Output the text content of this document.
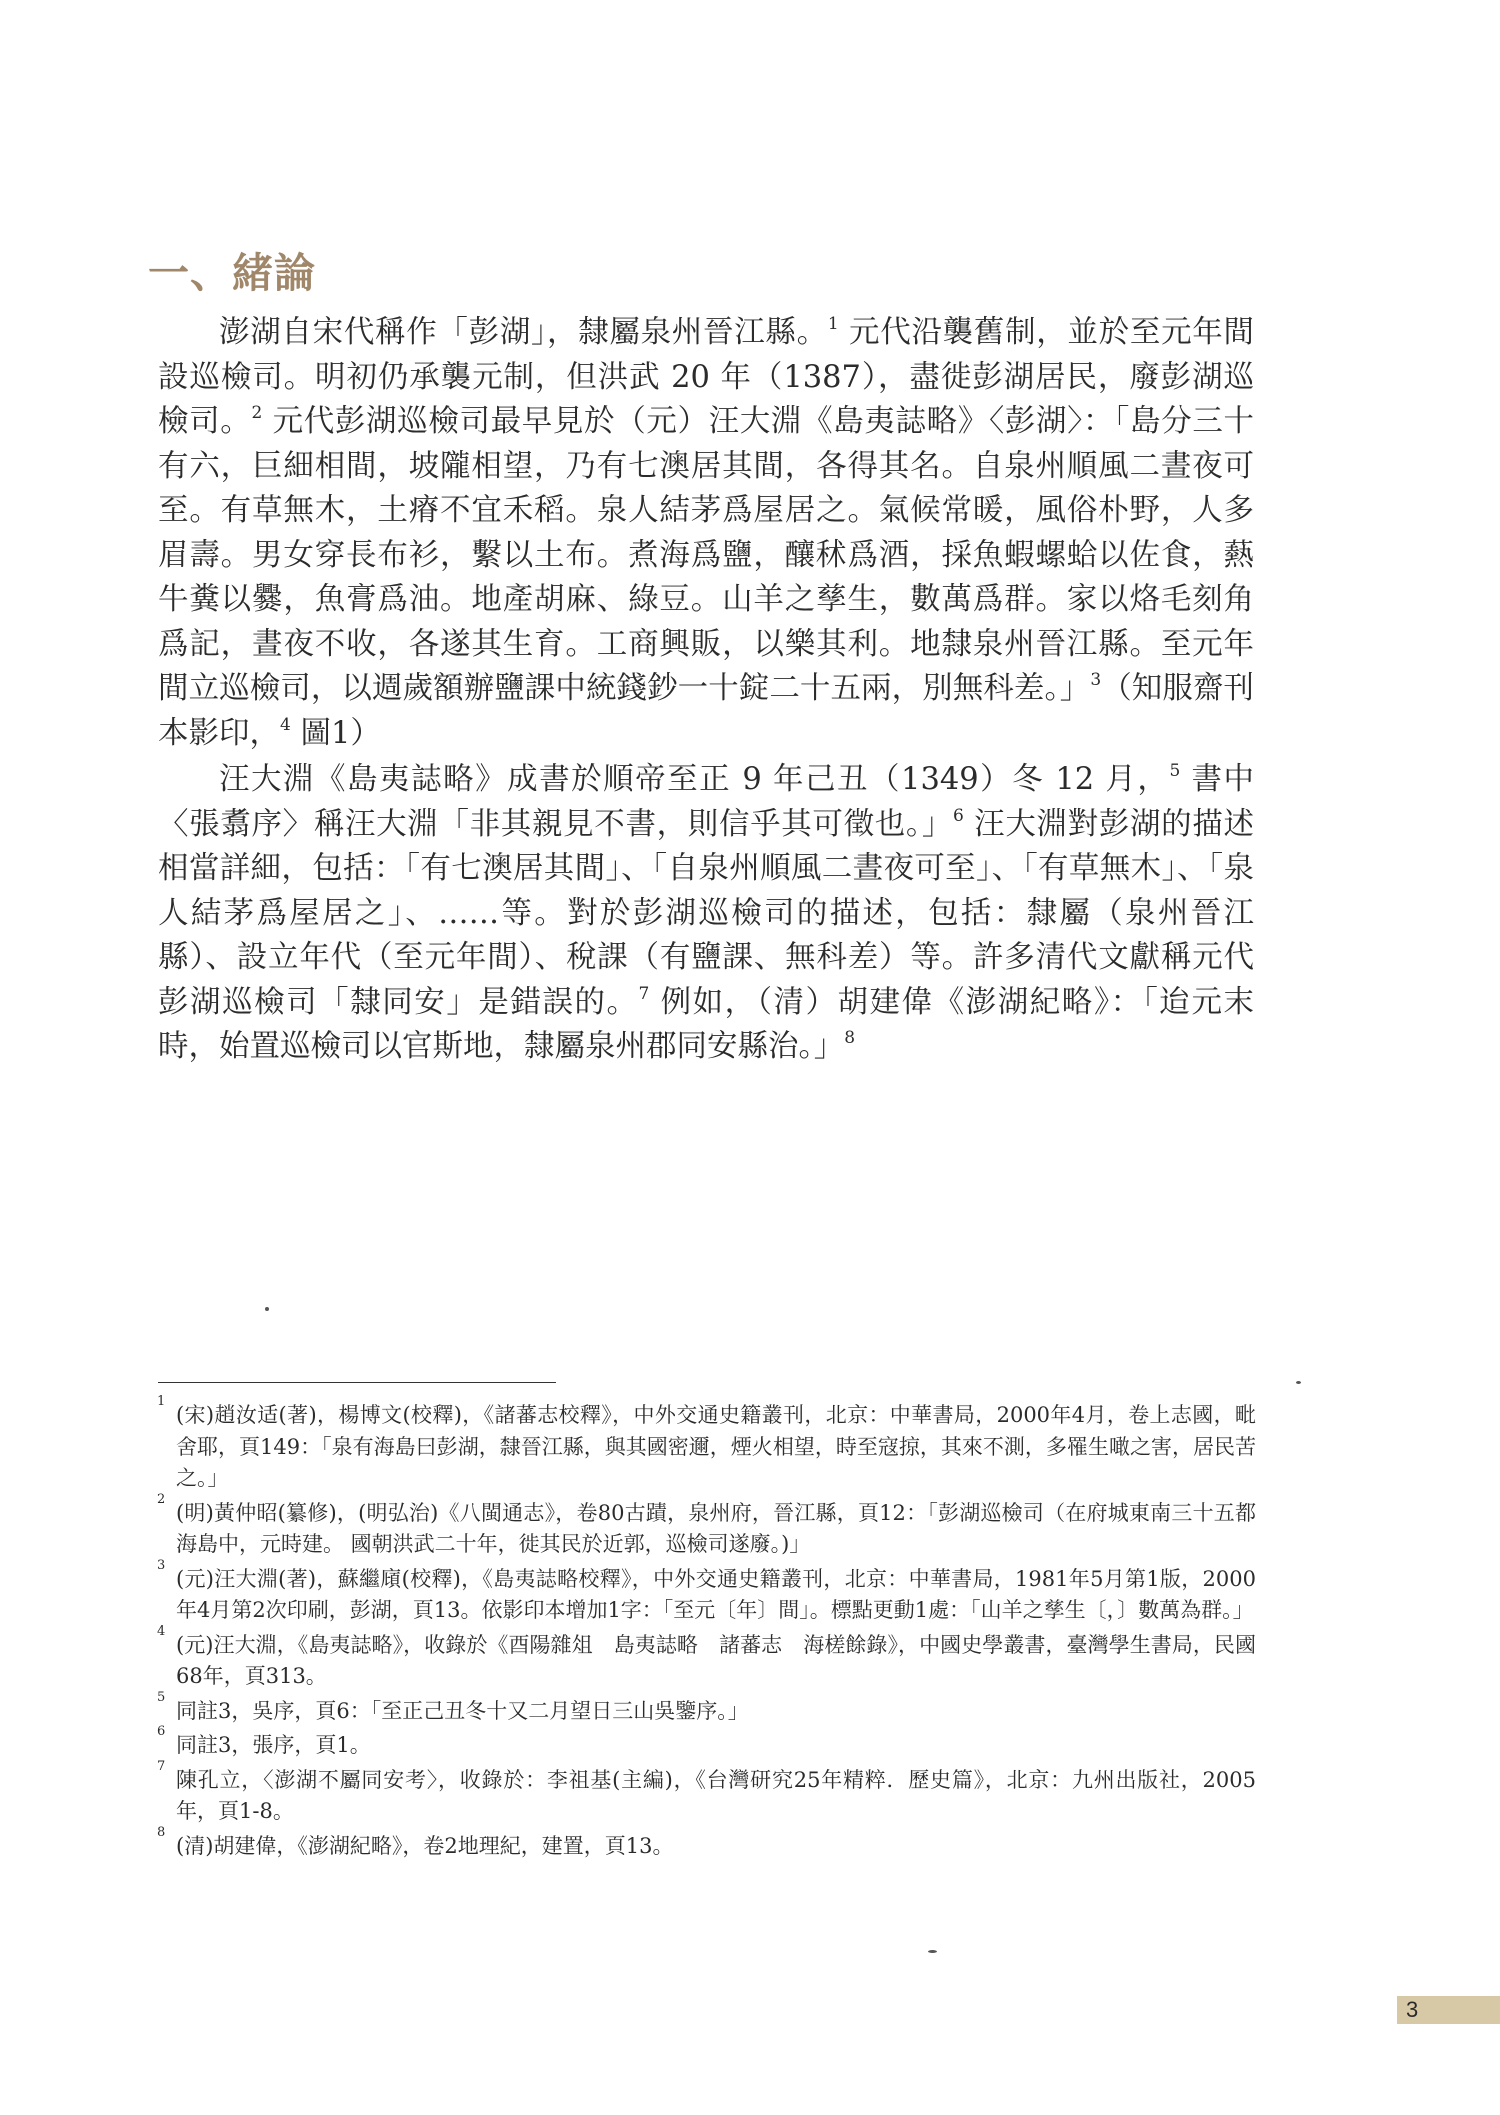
一、緒論

澎湖自宋代稱作「彭湖」，隸屬泉州晉江縣。$^1$ 元代沿襲舊制，並於至元年間設巡檢司。明初仍承襲元制，但洪武 20 年（1387），盡徙彭湖居民，廢彭湖巡檢司。$^2$ 元代彭湖巡檢司最早見於（元）汪大淵《島夷誌略》〈彭湖〉：「島分三十有六，巨細相間，坡隴相望，乃有七澳居其間，各得其名。自泉州順風二晝夜可至。有草無木，土瘠不宜禾稻。泉人結茅爲屋居之。氣候常暖，風俗朴野，人多眉壽。男女穿長布衫，繫以土布。煮海爲鹽，釀秫爲酒，採魚蝦螺蛤以佐食，爇牛糞以爨，魚膏爲油。地產胡麻、綠豆。山羊之孳生，數萬爲群。家以烙毛刻角爲記，晝夜不收，各遂其生育。工商興販，以樂其利。地隸泉州晉江縣。至元年間立巡檢司，以週歲額辦鹽課中統錢鈔一十錠二十五兩，別無科差。」$^3$（知服齋刊本影印，$^4$ 圖1）

汪大淵《島夷誌略》成書於順帝至正 9 年己丑（1349）冬 12 月，$^5$ 書中〈張翥序〉稱汪大淵「非其親見不書，則信乎其可徵也。」$^6$ 汪大淵對彭湖的描述相當詳細，包括：「有七澳居其間」、「自泉州順風二晝夜可至」、「有草無木」、「泉人結茅爲屋居之」、……等。對於彭湖巡檢司的描述，包括：隸屬（泉州晉江縣）、設立年代（至元年間）、稅課（有鹽課、無科差）等。許多清代文獻稱元代彭湖巡檢司「隸同安」是錯誤的。$^7$ 例如，（清）胡建偉《澎湖紀略》：「迨元末時，始置巡檢司以官斯地，隸屬泉州郡同安縣治。」$^8$

1
(宋)趙汝适(著)，楊博文(校釋)，《諸蕃志校釋》，中外交通史籍叢刊，北京：中華書局，2000年4月，卷上志國，毗舍耶，頁149：「泉有海島曰彭湖，隸晉江縣，與其國密邇，煙火相望，時至寇掠，其來不測，多罹生噉之害，居民苦之。」
2
(明)黃仲昭(纂修)，(明弘治)《八閩通志》，卷80古蹟，泉州府，晉江縣，頁12：「彭湖巡檢司（在府城東南三十五都海島中，元時建。 國朝洪武二十年，徙其民於近郭，巡檢司遂廢。)」
3
(元)汪大淵(著)，蘇繼廎(校釋)，《島夷誌略校釋》，中外交通史籍叢刊，北京：中華書局，1981年5月第1版，2000年4月第2次印刷，彭湖，頁13。依影印本增加1字：「至元〔年〕間」。標點更動1處：「山羊之孳生〔，〕數萬為群。」
4
(元)汪大淵，《島夷誌略》，收錄於《酉陽雜俎　島夷誌略　諸蕃志　海槎餘錄》，中國史學叢書，臺灣學生書局，民國68年，頁313。
5
同註3，吳序，頁6：「至正己丑冬十又二月望日三山吳鑒序。」
6
同註3，張序，頁1。
7
陳孔立，〈澎湖不屬同安考〉，收錄於：李祖基(主編)，《台灣研究25年精粹．歷史篇》，北京：九州出版社，2005年，頁1-8。
8
(清)胡建偉，《澎湖紀略》，卷2地理紀，建置，頁13。
3
